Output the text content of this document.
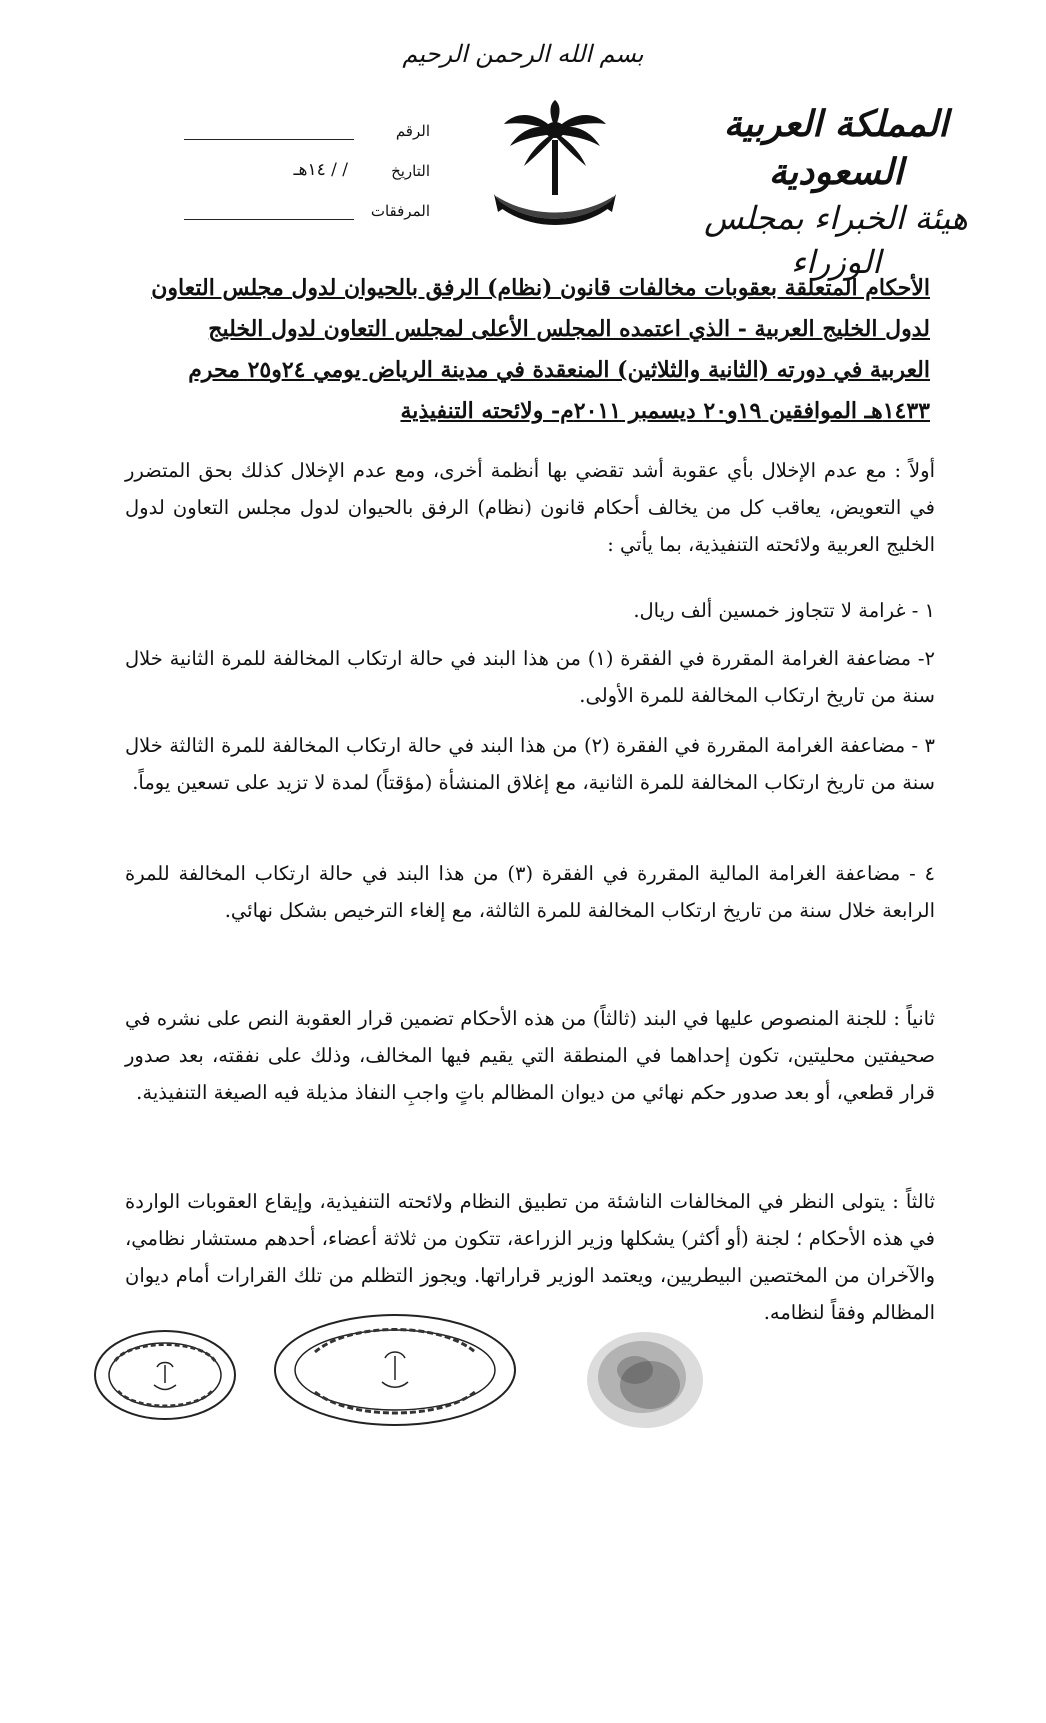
بسم الله الرحمن الرحيم
المملكة العربية السعودية
هيئة الخبراء بمجلس الوزراء
الرقم
التاريخ
/ / ١٤هـ
المرفقات
الأحكام المتعلقة بعقوبات مخالفات قانون (نظام) الرفق بالحيوان لدول مجلس التعاون
لدول الخليج العربية - الذي اعتمده المجلس الأعلى لمجلس التعاون لدول الخليج
العربية في دورته (الثانية والثلاثين) المنعقدة في مدينة الرياض يومي ٢٤و٢٥ محرم
١٤٣٣هـ الموافقين ١٩و٢٠ ديسمبر ٢٠١١م- ولائحته التنفيذية

أولاً : مع عدم الإخلال بأي عقوبة أشد تقضي بها أنظمة أخرى، ومع عدم الإخلال كذلك بحق المتضرر في التعويض، يعاقب كل من يخالف أحكام قانون (نظام) الرفق بالحيوان لدول مجلس التعاون لدول الخليج العربية ولائحته التنفيذية، بما يأتي :

١ - غرامة لا تتجاوز خمسين ألف ريال.

٢- مضاعفة الغرامة المقررة في الفقرة (١) من هذا البند في حالة ارتكاب المخالفة للمرة الثانية خلال سنة من تاريخ ارتكاب المخالفة للمرة الأولى.

٣ - مضاعفة الغرامة المقررة في الفقرة (٢) من هذا البند في حالة ارتكاب المخالفة للمرة الثالثة خلال سنة من تاريخ ارتكاب المخالفة للمرة الثانية، مع إغلاق المنشأة (مؤقتاً) لمدة لا تزيد على تسعين يوماً.

٤ - مضاعفة الغرامة المالية المقررة في الفقرة (٣) من هذا البند في حالة ارتكاب المخالفة للمرة الرابعة خلال سنة من تاريخ ارتكاب المخالفة للمرة الثالثة، مع إلغاء الترخيص بشكل نهائي.

ثانياً : للجنة المنصوص عليها في البند (ثالثاً) من هذه الأحكام تضمين قرار العقوبة النص على نشره في صحيفتين محليتين، تكون إحداهما في المنطقة التي يقيم فيها المخالف، وذلك على نفقته، بعد صدور قرار قطعي، أو بعد صدور حكم نهائي من ديوان المظالم باتٍ واجبِ النفاذ مذيلة فيه الصيغة التنفيذية.

ثالثاً : يتولى النظر في المخالفات الناشئة من تطبيق النظام ولائحته التنفيذية، وإيقاع العقوبات الواردة في هذه الأحكام ؛ لجنة (أو أكثر) يشكلها وزير الزراعة، تتكون من ثلاثة أعضاء، أحدهم مستشار نظامي، والآخران من المختصين البيطريين، ويعتمد الوزير قراراتها. ويجوز التظلم من تلك القرارات أمام ديوان المظالم وفقاً لنظامه.
